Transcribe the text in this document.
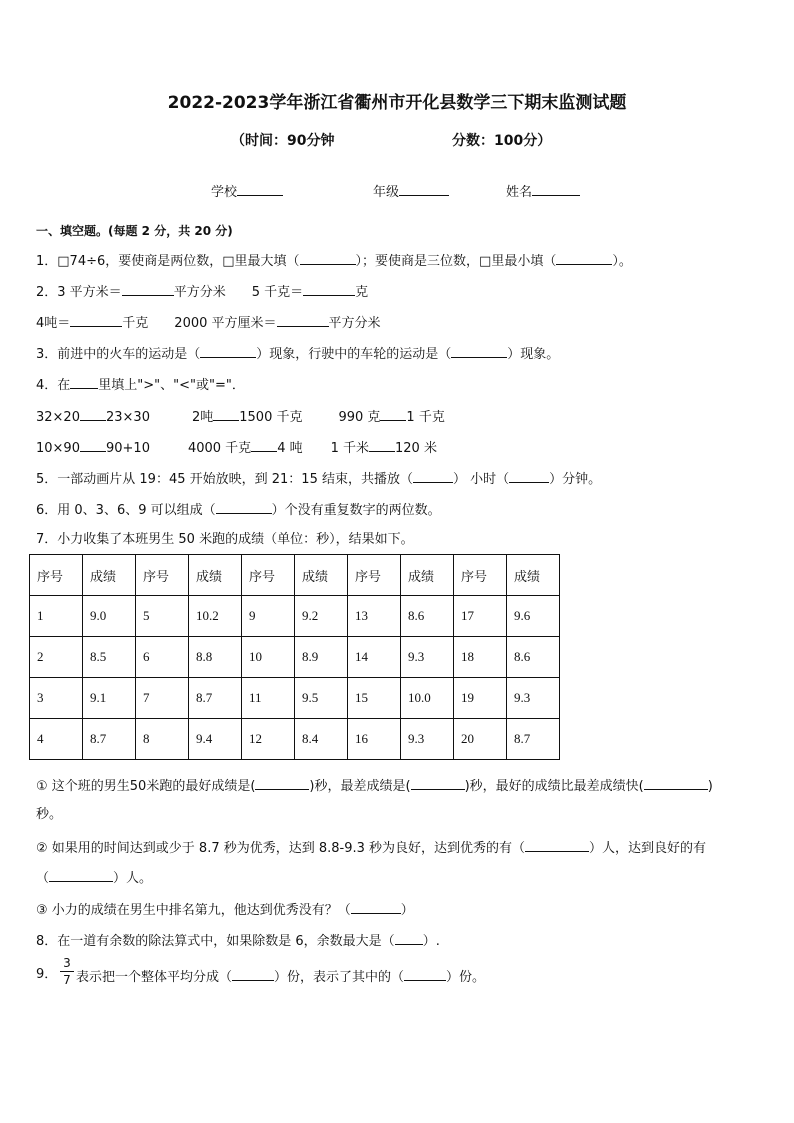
2022-2023学年浙江省衢州市开化县数学三下期末监测试题
（时间：90分钟	分数：100分）
学校	年级	姓名
一、填空题。(每题 2 分，共 20 分)
1．□74÷6，要使商是两位数，□里最大填（	）；要使商是三位数，□里最小填（	）。
2．3 平方米＝	平方分米 5 千克＝	克
4吨＝	千克 2000 平方厘米＝	平方分米
3．前进中的火车的运动是（	）现象，行驶中的车轮的运动是（	）现象。
4．在 里填上">"、"<"或"="．
32×20 23×30	2吨 1500 千克	990 克 1 千克
10×90 90+10	4000 千克 4 吨 1 千米 120 米
5．一部动画片从 19：45 开始放映，到 21：15 结束，共播放（	） 小时（	）分钟。
6．用 0、3、6、9 可以组成（	）个没有重复数字的两位数。
7．小力收集了本班男生 50 米跑的成绩（单位：秒），结果如下。
序号	成绩	序号	成绩	序号	成绩	序号	成绩	序号	成绩
1	9.0	5	10.2	9	9.2	13	8.6	17	9.6
2	8.5	6	8.8	10	8.9	14	9.3	18	8.6
3	9.1	7	8.7	11	9.5	15	10.0	19	9.3
4	8.7	8	9.4	12	8.4	16	9.3	20	8.7
① 这个班的男生50米跑的最好成绩是(	)秒，最差成绩是(	)秒，最好的成绩比最差成绩快(	)
秒。
② 如果用的时间达到或少于 8.7 秒为优秀，达到 8.8-9.3 秒为良好，达到优秀的有（	）人，达到良好的有
（	）人。
③ 小力的成绩在男生中排名第九，他达到优秀没有？（	）
8．在一道有余数的除法算式中，如果除数是 6，余数最大是（ ）.
9．
3
7 表示把一个整体平均分成（	）份，表示了其中的（	）份。
